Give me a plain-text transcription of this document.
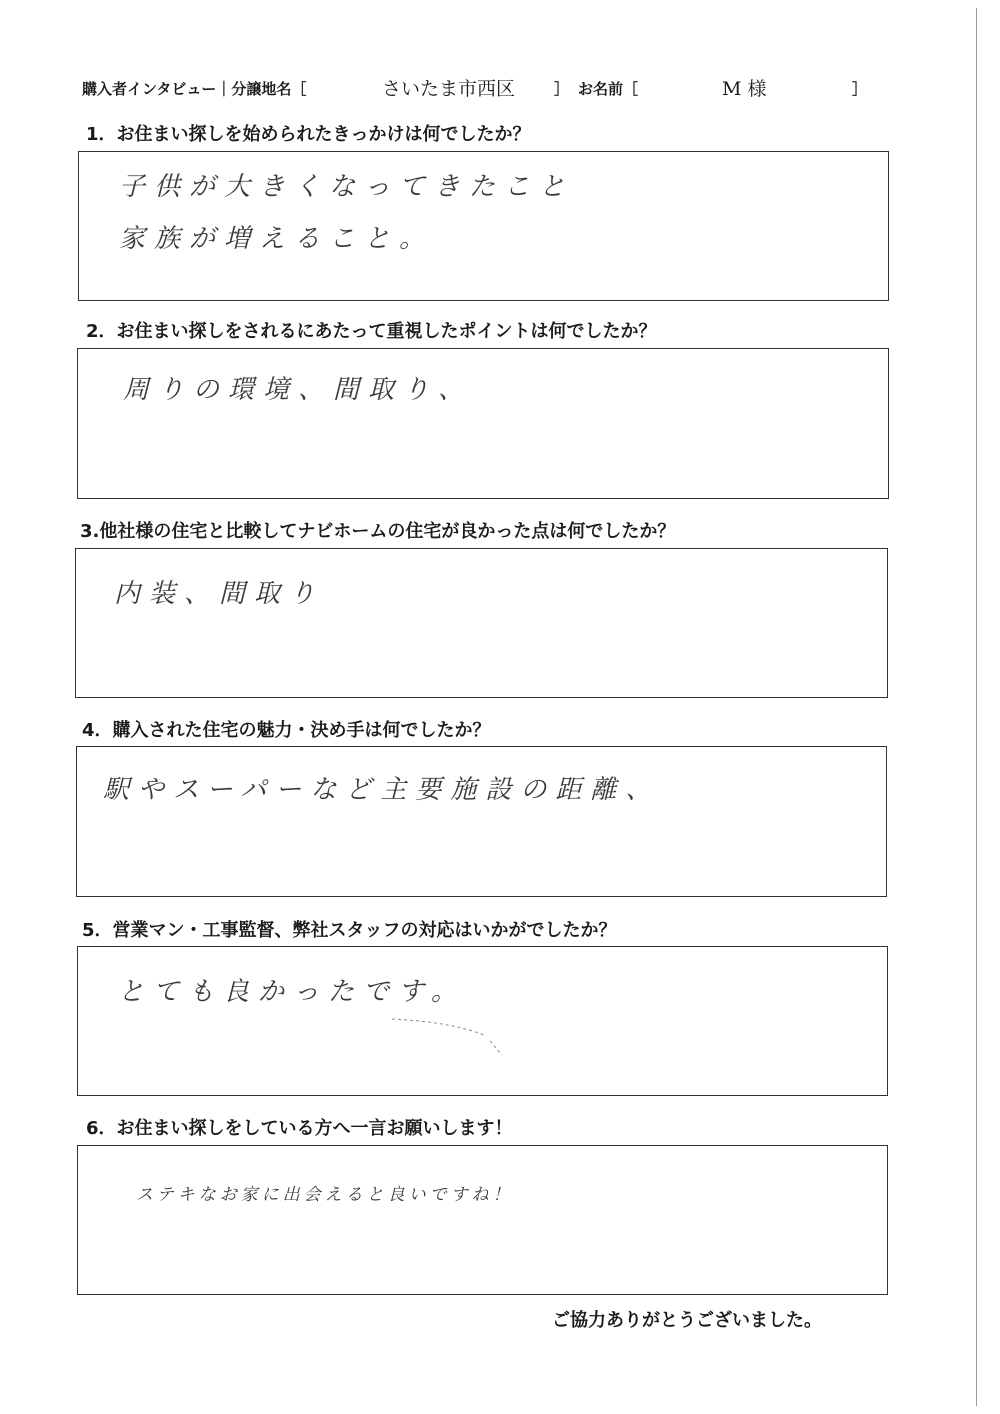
購入者インタビュー｜分譲地名［	さいたま市西区	］ お名前［	M 様	］
1．お住まい探しを始められたきっかけは何でしたか？
子供が大きくなってきたこと
家族が増えること。
2．お住まい探しをされるにあたって重視したポイントは何でしたか？
周りの環境、間取り、
3.他社様の住宅と比較してナビホームの住宅が良かった点は何でしたか？
内装、間取り
4．購入された住宅の魅力・決め手は何でしたか？
駅やスーパーなど主要施設の距離、
5．営業マン・工事監督、弊社スタッフの対応はいかがでしたか？
とても良かったです。
6．お住まい探しをしている方へ一言お願いします！
ステキなお家に出会えると良いですね！
ご協力ありがとうございました。
